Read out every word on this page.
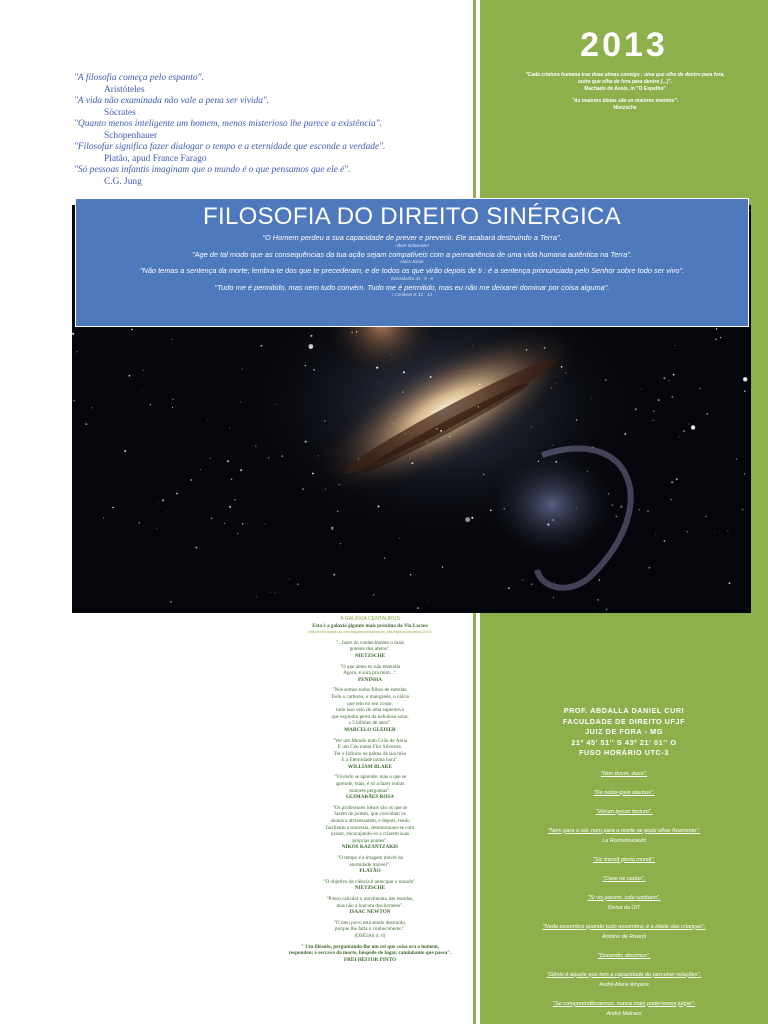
2013
"Cada criatura humana traz duas almas consigo : uma que olha de dentro para fora,
outra que olha de fora para dentro [...]".
Machado de Assis, in "O Espelho"
"As maiores ideias são as maiores eventos".
Nietzsche
"A filosofia começa pelo espanto".
Aristóteles
"A vida não examinada não vale a pena ser vivida".
Sócrates
"Quanto menos inteligente um homem, menos misterioso lhe parece a existência".
Schopenhauer
"Filosofar significa fazer dialogar o tempo e a eternidade que esconde a verdade".
Platão, apud France Farago
"Só pessoas infantis imaginam que o mundo é o que pensamos que ele é".
C.G. Jung
FILOSOFIA DO DIREITO SINÉRGICA
"O Homem perdeu a sua capacidade de prever e prevenir. Ele acabará destruindo a Terra".
Albert Schweitzer
"Age de tal modo que as consequências da tua ação sejam compatíveis com a permanência de uma vida humana autêntica na Terra".
Hans Jonas
"Não temas a sentença da morte; lembra-te dos que te precederam, e de todos os que virão depois de ti : é a sentença pronunciada pelo Senhor sobre todo ser vivo".
Eclesiástico 41 : 5 - 6
"Tudo me é permitido, mas nem tudo convém. Tudo me é permitido, mas eu não me deixarei dominar por coisa alguma".
I Coríntios 6: 12 - 13
A GALÁXIA CENTAURUS
Esta é a galaxia gigante mais próxima da Via Lactea
(http://cienciahoje.uol.com.br/galeria/blog/album_albumglobo/cientistas-2013)
"...fazer do conhecimento o mais
potente dos afetos".
NIETZSCHE
"O que antes eu não entendia
Agora, é sura pra mim...".
PENINHA
"Nós somos todos filhos de estrelas.
Todo o carbono, o manganês, o cálcio
que tem no seu corpo,
tudo isso veio de uma supernova
que explodiu perto da nebulosa solar,
a 5 bilhões de anos".
MARCELO GLEISER
"Ver um Mundo num Grão de Areia
E um Céu numa Flor Silvestre,
Ter o Infinito na palma da sua mão
E a Eternidade numa hora".
WILLIAM BLAKE
"Vivendo se aprende: mas o que se
aprende, mais, é só a fazer outras
maiores perguntas".
GUIMARÃES ROSA
"Os professores ideais são os que se
fazem de pontes, que convidam os
alunos a atravessarem, e depois, tendo
facilitado a travessia, desmoronam-se com
prazer, encorajando-os a criarem suas
próprias pontes".
NIKOS KAZANTZAKIS
"O tempo é a imagem móvel da
eternidade imóvel".
PLATÃO
"O objetivo da ciência é antecipar o mundo".
NIETZSCHE
"Posso calcular o movimento das estrelas,
mas não a loucura dos homens".
ISAAC NEWTON
"O meu povo está sendo destruído,
porque lhe falta o conhecimento".
(OSÉIAS 4: 6)
" Um filósofo, perguntando-lhe um rei que coisa era o homem,
respondeu: é escravo da morte, hóspede de lugar, caminhante que passa".
FREI HEITOR PINTO
PROF. ABDALLA DANIEL CURI
FACULDADE DE DIREITO UFJF
JUIZ DE FORA - MG
21º 45' 51'' S 43º 21' 01'' O
FUSO HORÁRIO UTC-3
"Non ducor, duco".
"De nobis ipsis silemus".
"Verum ipsum factum".
"Nem para o sol, nem para a morte se pode olhar fixamente".
La Rochefoucauld
"Sic transit gloria mundi".
"Cave ne cadas".
"Si vis pacem, cole iustitiam".
Divisa da OIT
"Nada assombra quando tudo assombra; é a idade das crianças".
Antoine de Rivarol
"Docendo, discimus".
"Gênio é aquele que tem a capacidade de perceber relações".
André-Marie Ampère
"Se compreendêssemos, nunca mais poderíamos julgar".
André Malraux
